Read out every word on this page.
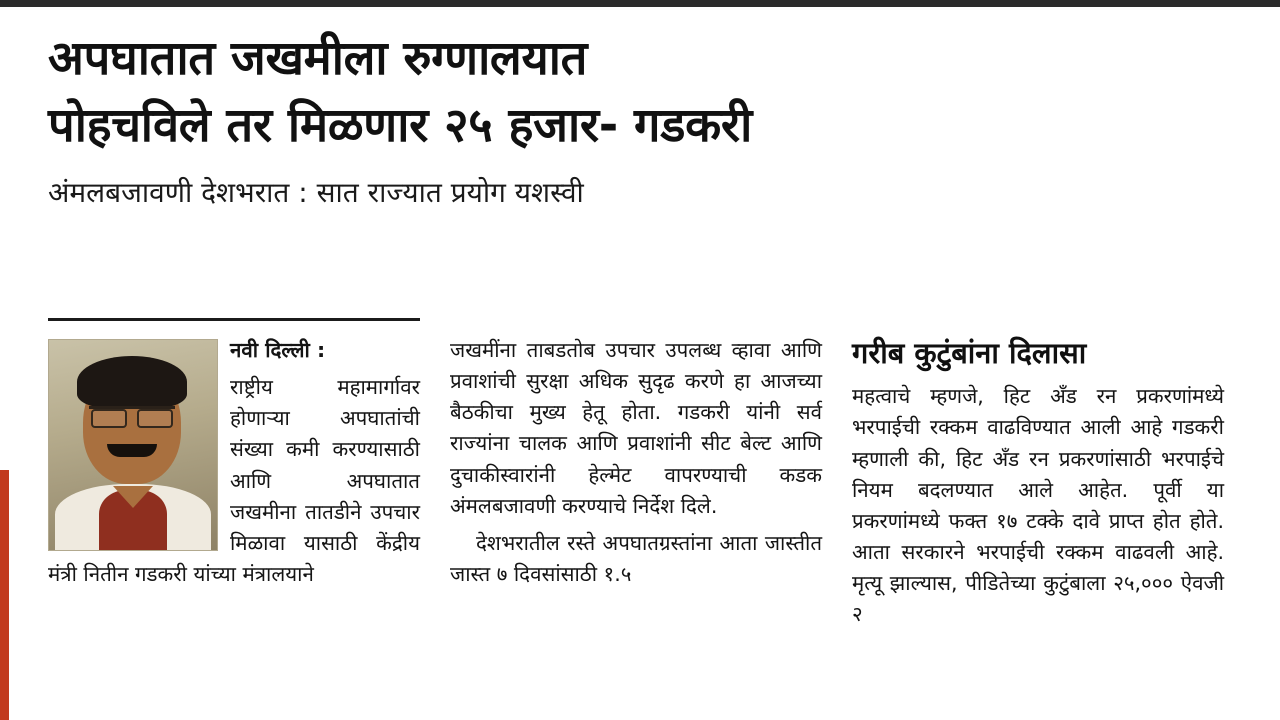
अपघातात जखमीला रुग्णालयात
पोहचविले तर मिळणार २५ हजार- गडकरी
अंमलबजावणी देशभरात : सात राज्यात प्रयोग यशस्वी

नवी दिल्ली :

राष्ट्रीय महामार्गावर होणाऱ्या अपघातांची संख्या कमी करण्यासाठी आणि अपघातात जखमीना तातडीने उपचार मिळावा यासाठी केंद्रीय मंत्री नितीन गडकरी यांच्या मंत्रालयाने

जखमींना ताबडतोब उपचार उपलब्ध व्हावा आणि प्रवाशांची सुरक्षा अधिक सुदृढ करणे हा आजच्या बैठकीचा मुख्य हेतू होता. गडकरी यांनी सर्व राज्यांना चालक आणि प्रवाशांनी सीट बेल्ट आणि दुचाकीस्वारांनी हेल्मेट वापरण्याची कडक अंमलबजावणी करण्याचे निर्देश दिले.

देशभरातील रस्ते अपघातग्रस्तांना आता जास्तीत जास्त ७ दिवसांसाठी १.५

गरीब कुटुंबांना दिलासा

महत्वाचे म्हणजे, हिट अँड रन प्रकरणांमध्ये भरपाईची रक्कम वाढविण्यात आली आहे गडकरी म्हणाली की, हिट अँड रन प्रकरणांसाठी भरपाईचे नियम बदलण्यात आले आहेत. पूर्वी या प्रकरणांमध्ये फक्त १७ टक्के दावे प्राप्त होत होते. आता सरकारने भरपाईची रक्कम वाढवली आहे. मृत्यू झाल्यास, पीडितेच्या कुटुंबाला २५,००० ऐवजी २
